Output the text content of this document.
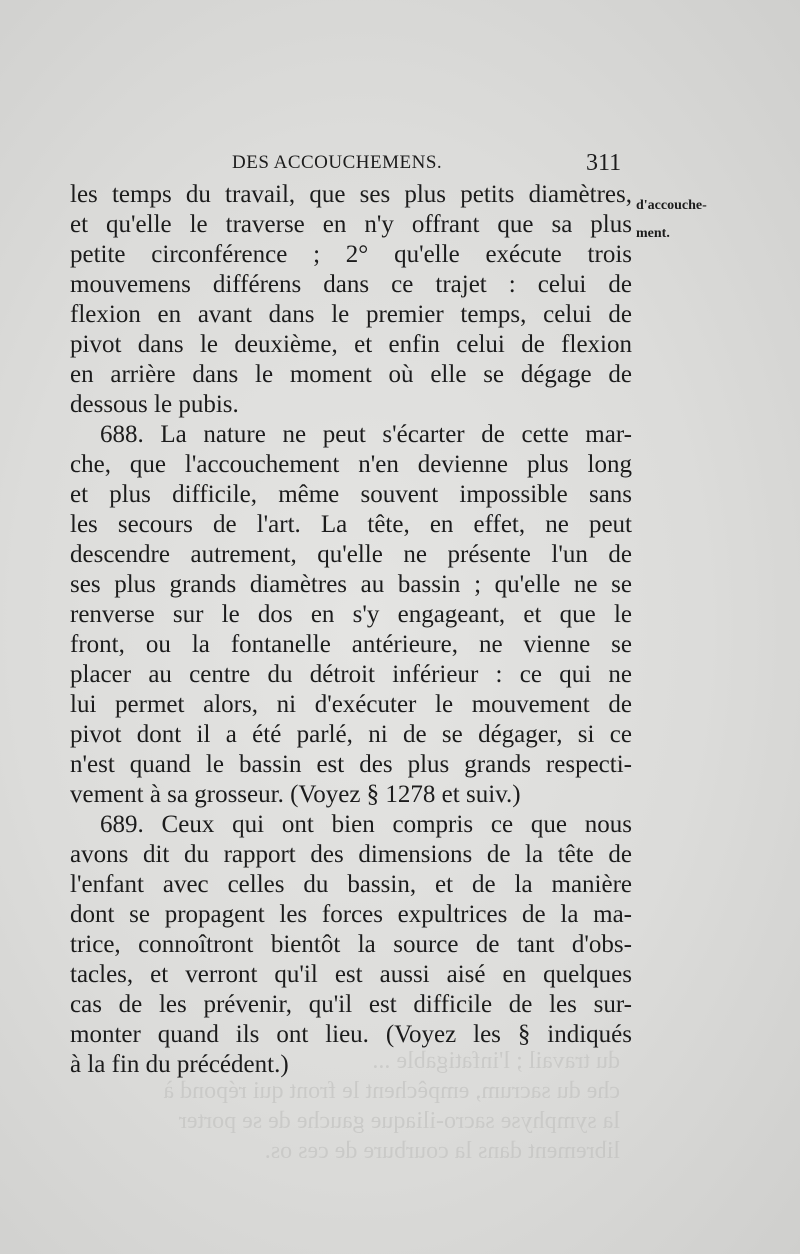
DES ACCOUCHEMENS.	311
d'accouche-
ment.
les temps du travail, que ses plus petits diamètres,
et qu'elle le traverse en n'y offrant que sa plus
petite circonférence ; 2° qu'elle exécute trois
mouvemens différens dans ce trajet : celui de
flexion en avant dans le premier temps, celui de
pivot dans le deuxième, et enfin celui de flexion
en arrière dans le moment où elle se dégage de
dessous le pubis.
688. La nature ne peut s'écarter de cette mar-
che, que l'accouchement n'en devienne plus long
et plus difficile, même souvent impossible sans
les secours de l'art. La tête, en effet, ne peut
descendre autrement, qu'elle ne présente l'un de
ses plus grands diamètres au bassin ; qu'elle ne se
renverse sur le dos en s'y engageant, et que le
front, ou la fontanelle antérieure, ne vienne se
placer au centre du détroit inférieur : ce qui ne
lui permet alors, ni d'exécuter le mouvement de
pivot dont il a été parlé, ni de se dégager, si ce
n'est quand le bassin est des plus grands respecti-
vement à sa grosseur. (Voyez § 1278 et suiv.)
689. Ceux qui ont bien compris ce que nous
avons dit du rapport des dimensions de la tête de
l'enfant avec celles du bassin, et de la manière
dont se propagent les forces expultrices de la ma-
trice, connoîtront bientôt la source de tant d'obs-
tacles, et verront qu'il est aussi aisé en quelques
cas de les prévenir, qu'il est difficile de les sur-
monter quand ils ont lieu. (Voyez les § indiqués
à la fin du précédent.)	du travail ; l'infatigable ...
che du sacrum, empêchent le front qui répond à
la symphyse sacro-iliaque gauche de se porter
librement dans la courbure de ces os.
